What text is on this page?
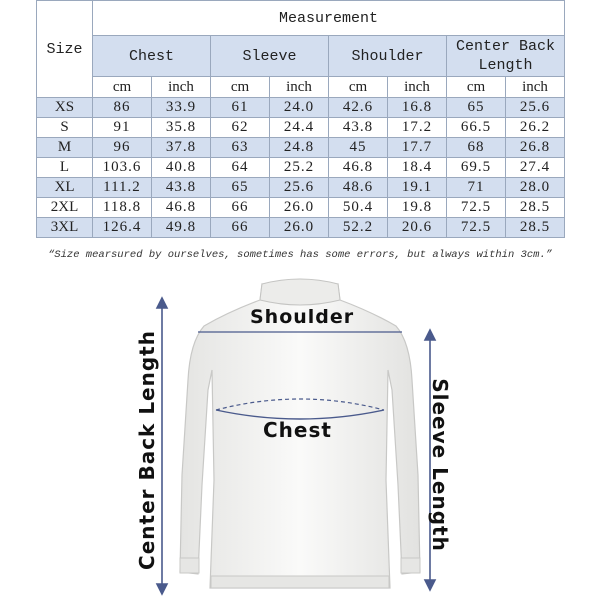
Size	Measurement							
	Chest		Sleeve		Shoulder		Center Back Length	
	cm	inch	cm	inch	cm	inch	cm	inch
XS	86	33.9	61	24.0	42.6	16.8	65	25.6
S	91	35.8	62	24.4	43.8	17.2	66.5	26.2
M	96	37.8	63	24.8	45	17.7	68	26.8
L	103.6	40.8	64	25.2	46.8	18.4	69.5	27.4
XL	111.2	43.8	65	25.6	48.6	19.1	71	28.0
2XL	118.8	46.8	66	26.0	50.4	19.8	72.5	28.5
3XL	126.4	49.8	66	26.0	52.2	20.6	72.5	28.5
“Size mearsured by ourselves, sometimes has some errors, but always within 3cm.”
Shoulder
Chest
Center Back Length	Sleeve Length
